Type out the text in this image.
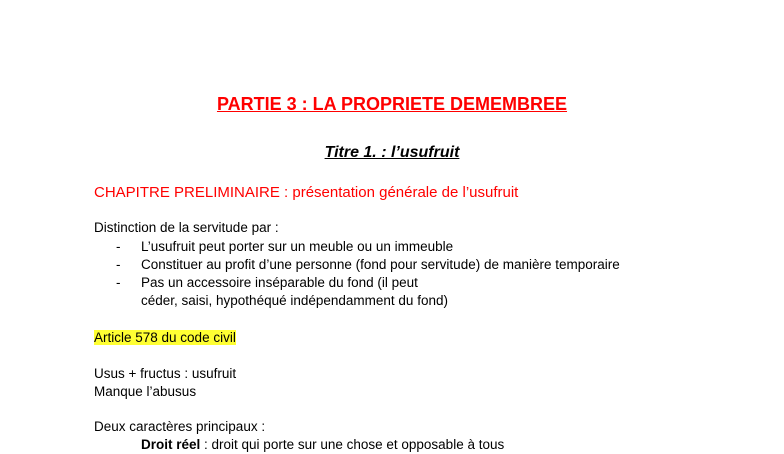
PARTIE 3 : LA PROPRIETE DEMEMBREE
Titre 1. : l’usufruit
CHAPITRE PRELIMINAIRE : présentation générale de l’usufruit
Distinction de la servitude par :
- L’usufruit peut porter sur un meuble ou un immeuble
- Constituer au profit d’une personne (fond pour servitude) de manière temporaire
- Pas un accessoire inséparable du fond (il peut céder, saisi, hypothéqué indépendamment du fond)
Article 578 du code civil
Usus + fructus : usufruit
Manque l’abusus
Deux caractères principaux :
Droit réel : droit qui porte sur une chose et opposable à tous
